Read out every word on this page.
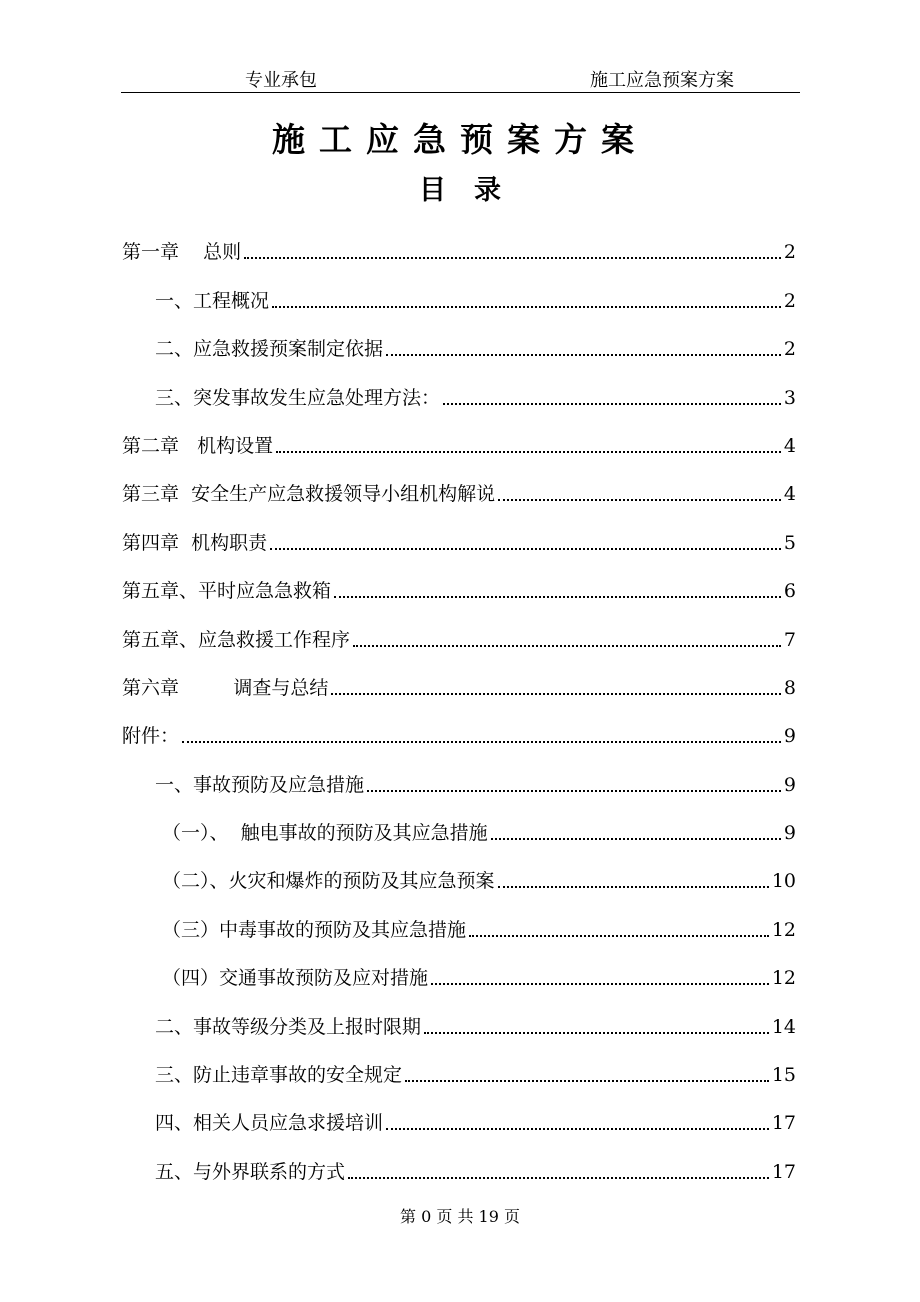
专业承包	施工应急预案方案
施工应急预案方案
目录
第一章    总则	2
一、工程概况	2
二、应急救援预案制定依据	2
三、突发事故发生应急处理方法：	3
第二章   机构设置	4
第三章  安全生产应急救援领导小组机构解说	4
第四章  机构职责	5
第五章、平时应急急救箱	6
第五章、应急救援工作程序	7
第六章         调查与总结	8
附件：	9
一、事故预防及应急措施	9
（一）、  触电事故的预防及其应急措施	9
（二）、火灾和爆炸的预防及其应急预案	10
（三）中毒事故的预防及其应急措施	12
（四）交通事故预防及应对措施	12
二、事故等级分类及上报时限期	14
三、防止违章事故的安全规定	15
四、相关人员应急求援培训	17
五、与外界联系的方式	17
第 0 页 共 19 页
